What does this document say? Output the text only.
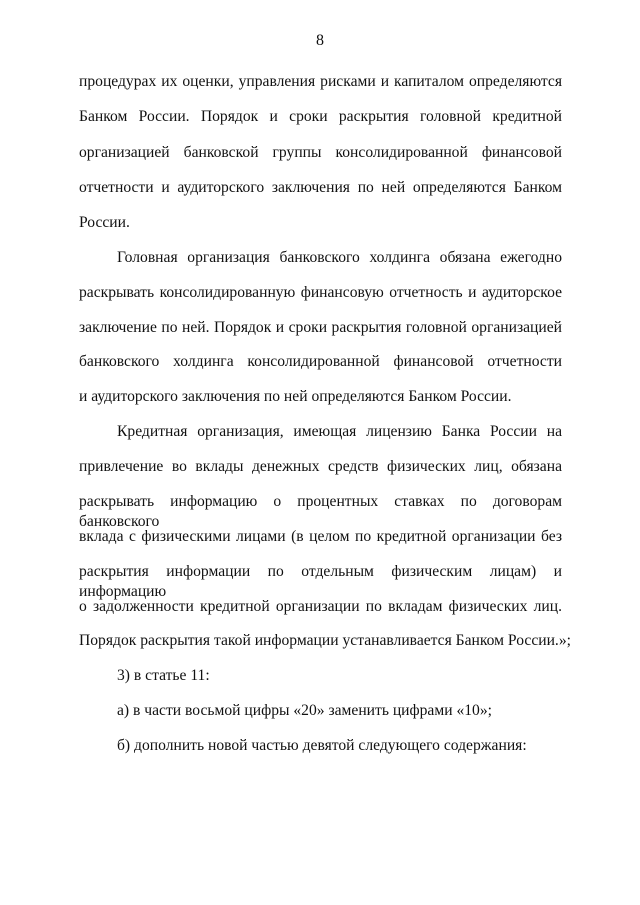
8
процедурах их оценки, управления рисками и капиталом определяются
Банком России. Порядок и сроки раскрытия головной кредитной
организацией банковской группы консолидированной финансовой
отчетности и аудиторского заключения по ней определяются Банком
России.
Головная организация банковского холдинга обязана ежегодно
раскрывать консолидированную финансовую отчетность и аудиторское
заключение по ней. Порядок и сроки раскрытия головной организацией
банковского холдинга консолидированной финансовой отчетности
и аудиторского заключения по ней определяются Банком России.
Кредитная организация, имеющая лицензию Банка России на
привлечение во вклады денежных средств физических лиц, обязана
раскрывать информацию о процентных ставках по договорам банковского
вклада с физическими лицами (в целом по кредитной организации без
раскрытия информации по отдельным физическим лицам) и информацию
о задолженности кредитной организации по вкладам физических лиц.
Порядок раскрытия такой информации устанавливается Банком России.»;
3) в статье 11:
а) в части восьмой цифры «20» заменить цифрами «10»;
б) дополнить новой частью девятой следующего содержания:
